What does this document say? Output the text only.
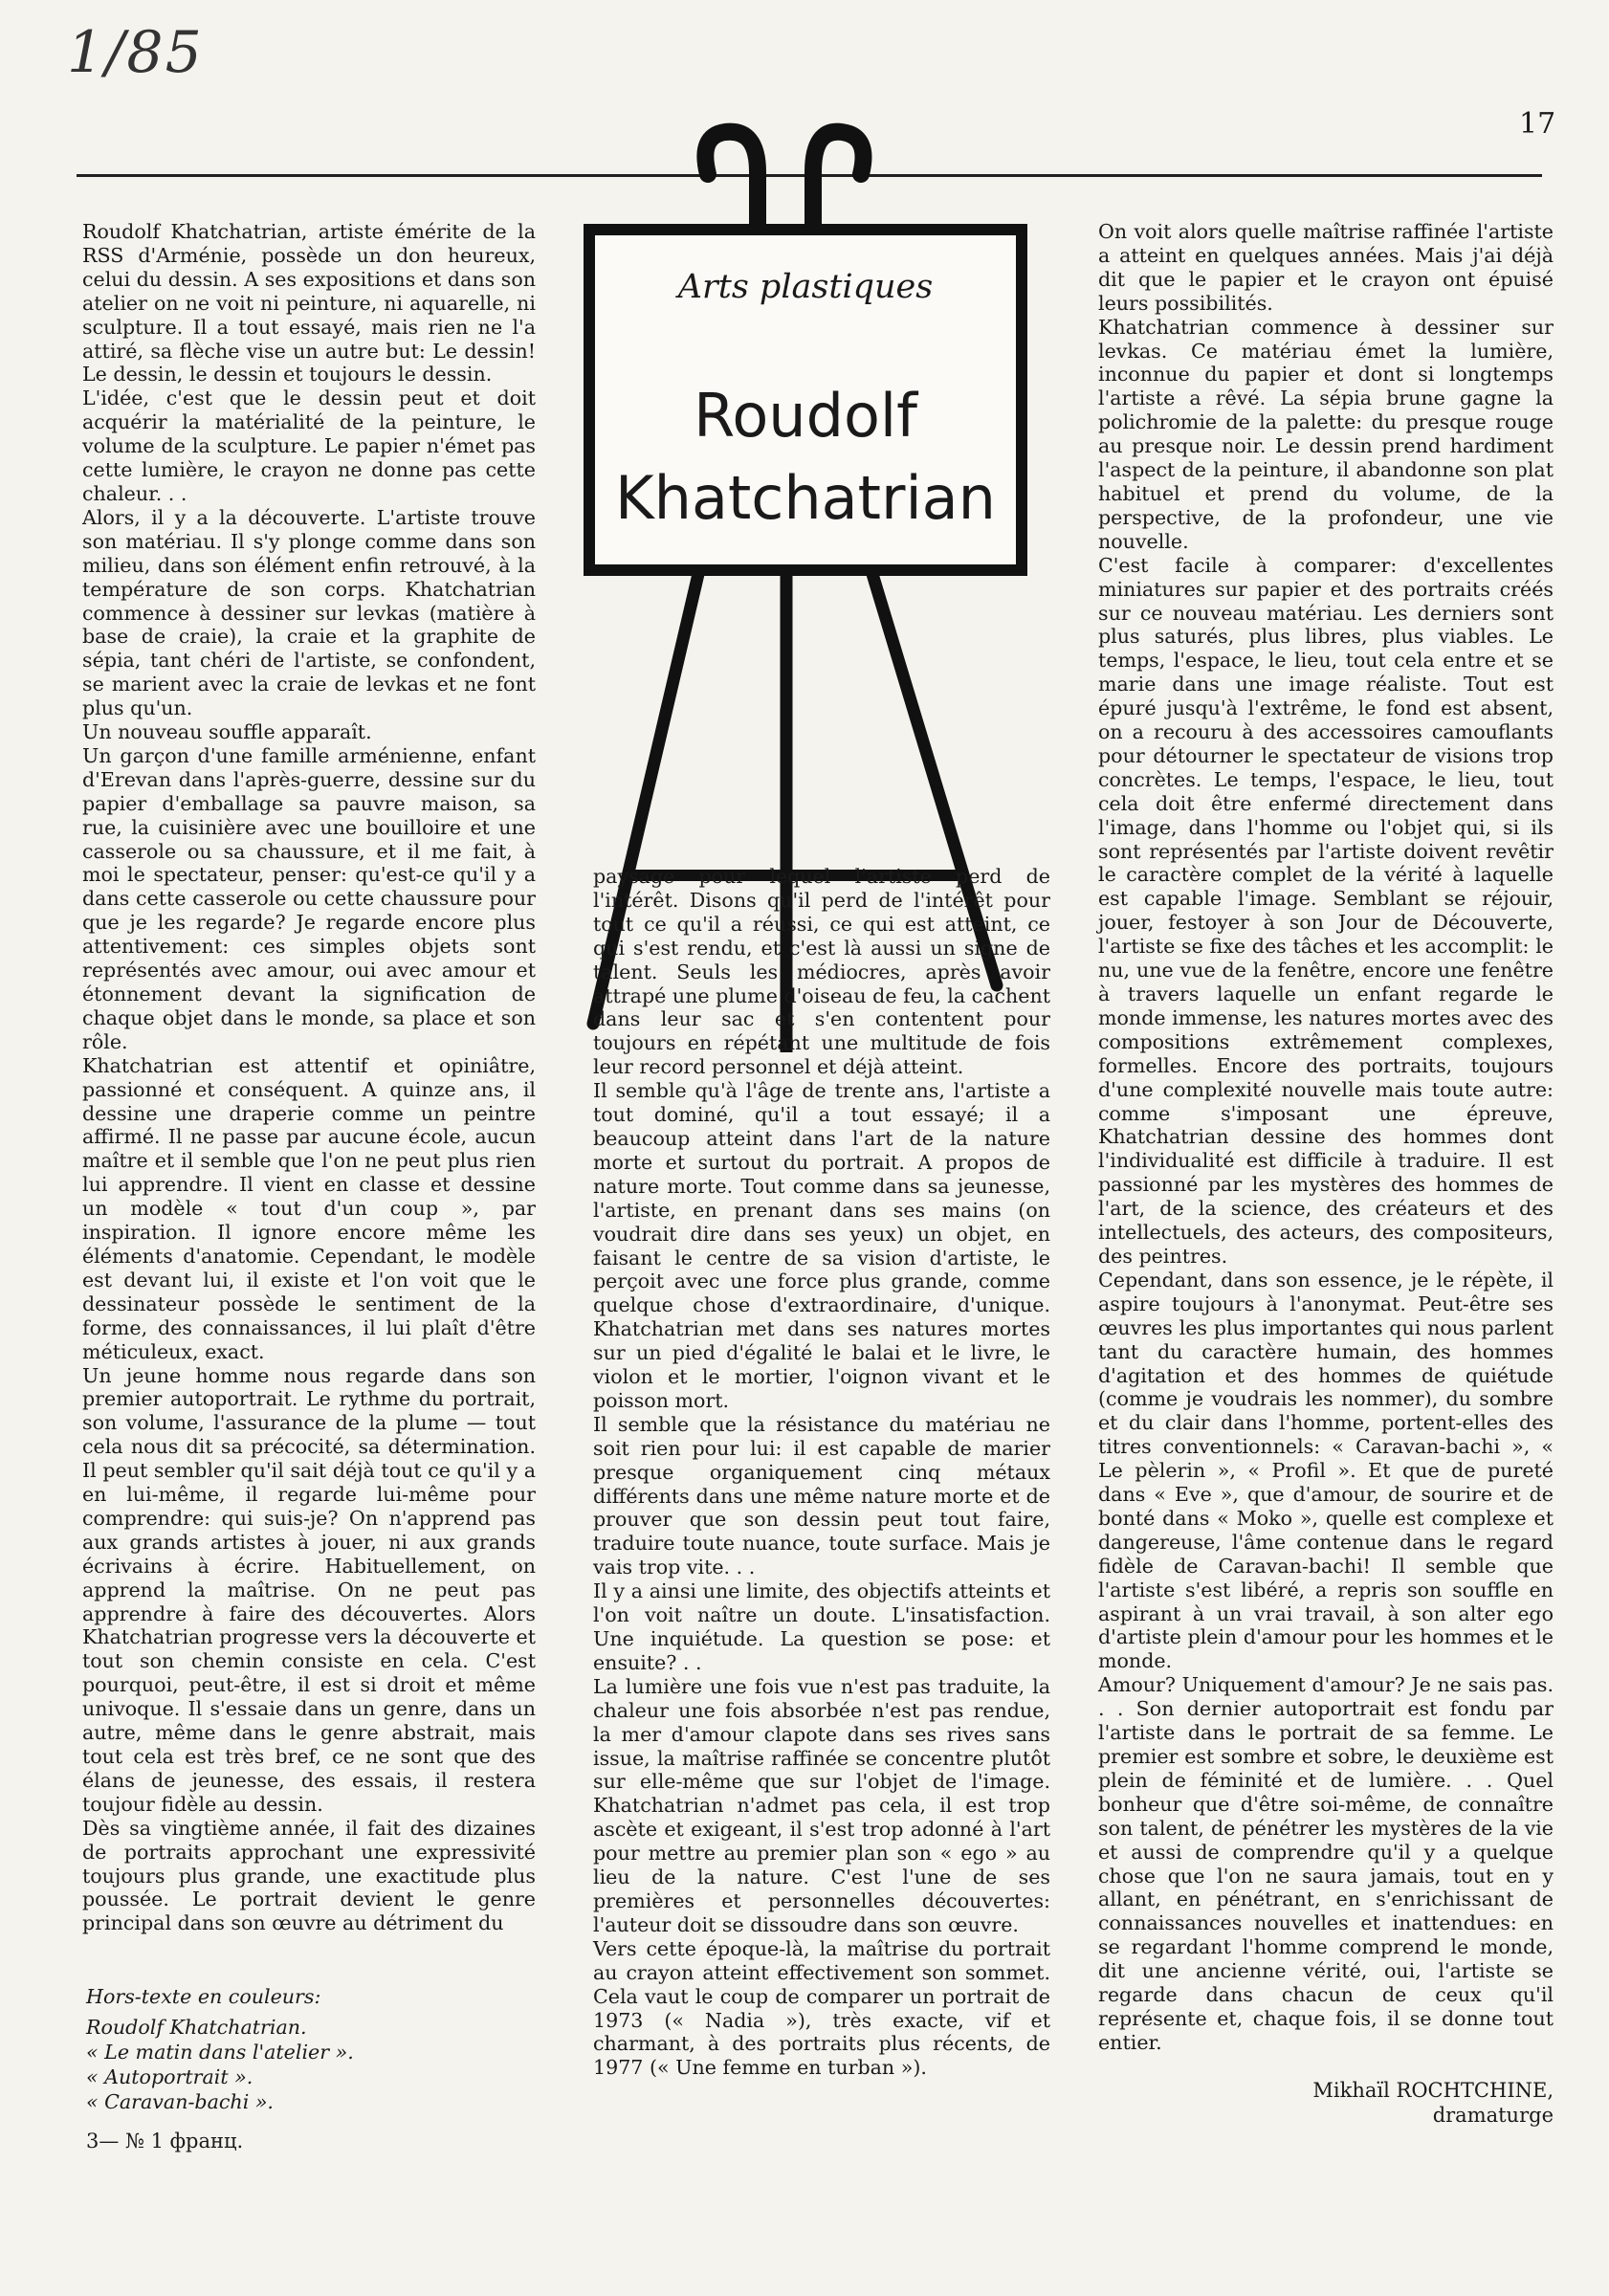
1/85
17
Arts plastiques
Roudolf
Khatchatrian

Roudolf Khatchatrian, artiste émérite de la RSS d'Arménie, possède un don heureux, celui du dessin. A ses expositions et dans son atelier on ne voit ni peinture, ni aquarelle, ni sculpture. Il a tout essayé, mais rien ne l'a attiré, sa flèche vise un autre but: Le dessin! Le dessin, le dessin et toujours le dessin.

L'idée, c'est que le dessin peut et doit acquérir la matérialité de la peinture, le volume de la sculpture. Le papier n'émet pas cette lumière, le crayon ne donne pas cette chaleur. . .

Alors, il y a la découverte. L'artiste trouve son matériau. Il s'y plonge comme dans son milieu, dans son élément enfin retrouvé, à la température de son corps. Khatchatrian commence à dessiner sur levkas (matière à base de craie), la craie et la graphite de sépia, tant chéri de l'artiste, se confondent, se marient avec la craie de levkas et ne font plus qu'un.

Un nouveau souffle apparaît.

Un garçon d'une famille arménienne, enfant d'Erevan dans l'après-guerre, dessine sur du papier d'emballage sa pauvre maison, sa rue, la cuisinière avec une bouilloire et une casserole ou sa chaussure, et il me fait, à moi le spectateur, penser: qu'est-ce qu'il y a dans cette casserole ou cette chaussure pour que je les regarde? Je regarde encore plus attentivement: ces simples objets sont représentés avec amour, oui avec amour et étonnement devant la signification de chaque objet dans le monde, sa place et son rôle.

Khatchatrian est attentif et opiniâtre, passionné et conséquent. A quinze ans, il dessine une draperie comme un peintre affirmé. Il ne passe par aucune école, aucun maître et il semble que l'on ne peut plus rien lui apprendre. Il vient en classe et dessine un modèle « tout d'un coup », par inspiration. Il ignore encore même les éléments d'anatomie. Cependant, le modèle est devant lui, il existe et l'on voit que le dessinateur possède le sentiment de la forme, des connaissances, il lui plaît d'être méticuleux, exact.

Un jeune homme nous regarde dans son premier autoportrait. Le rythme du portrait, son volume, l'assurance de la plume — tout cela nous dit sa précocité, sa détermination. Il peut sembler qu'il sait déjà tout ce qu'il y a en lui-même, il regarde lui-même pour comprendre: qui suis-je? On n'apprend pas aux grands artistes à jouer, ni aux grands écrivains à écrire. Habituellement, on apprend la maîtrise. On ne peut pas apprendre à faire des découvertes. Alors Khatchatrian progresse vers la découverte et tout son chemin consiste en cela. C'est pourquoi, peut-être, il est si droit et même univoque. Il s'essaie dans un genre, dans un autre, même dans le genre abstrait, mais tout cela est très bref, ce ne sont que des élans de jeunesse, des essais, il restera toujour fidèle au dessin.

Dès sa vingtième année, il fait des dizaines de portraits approchant une expressivité toujours plus grande, une exactitude plus poussée. Le portrait devient le genre principal dans son œuvre au détriment du

paysage pour lequel l'artiste perd de l'intérêt. Disons qu'il perd de l'intérêt pour tout ce qu'il a réussi, ce qui est atteint, ce qui s'est rendu, et c'est là aussi un signe de talent. Seuls les médiocres, après avoir attrapé une plume d'oiseau de feu, la cachent dans leur sac et s'en contentent pour toujours en répétant une multitude de fois leur record personnel et déjà atteint.

Il semble qu'à l'âge de trente ans, l'artiste a tout dominé, qu'il a tout essayé; il a beaucoup atteint dans l'art de la nature morte et surtout du portrait. A propos de nature morte. Tout comme dans sa jeunesse, l'artiste, en prenant dans ses mains (on voudrait dire dans ses yeux) un objet, en faisant le centre de sa vision d'artiste, le perçoit avec une force plus grande, comme quelque chose d'extraordinaire, d'unique. Khatchatrian met dans ses natures mortes sur un pied d'égalité le balai et le livre, le violon et le mortier, l'oignon vivant et le poisson mort.

Il semble que la résistance du matériau ne soit rien pour lui: il est capable de marier presque organiquement cinq métaux différents dans une même nature morte et de prouver que son dessin peut tout faire, traduire toute nuance, toute surface. Mais je vais trop vite. . .

Il y a ainsi une limite, des objectifs atteints et l'on voit naître un doute. L'insatisfaction. Une inquiétude. La question se pose: et ensuite? . .

La lumière une fois vue n'est pas traduite, la chaleur une fois absorbée n'est pas rendue, la mer d'amour clapote dans ses rives sans issue, la maîtrise raffinée se concentre plutôt sur elle-même que sur l'objet de l'image. Khatchatrian n'admet pas cela, il est trop ascète et exigeant, il s'est trop adonné à l'art pour mettre au premier plan son « ego » au lieu de la nature. C'est l'une de ses premières et personnelles découvertes: l'auteur doit se dissoudre dans son œuvre.

Vers cette époque-là, la maîtrise du portrait au crayon atteint effectivement son sommet. Cela vaut le coup de comparer un portrait de 1973 (« Nadia »), très exacte, vif et charmant, à des portraits plus récents, de 1977 (« Une femme en turban »).

On voit alors quelle maîtrise raffinée l'artiste a atteint en quelques années. Mais j'ai déjà dit que le papier et le crayon ont épuisé leurs possibilités.

Khatchatrian commence à dessiner sur levkas. Ce matériau émet la lumière, inconnue du papier et dont si longtemps l'artiste a rêvé. La sépia brune gagne la polichromie de la palette: du presque rouge au presque noir. Le dessin prend hardiment l'aspect de la peinture, il abandonne son plat habituel et prend du volume, de la perspective, de la profondeur, une vie nouvelle.

C'est facile à comparer: d'excellentes miniatures sur papier et des portraits créés sur ce nouveau matériau. Les derniers sont plus saturés, plus libres, plus viables. Le temps, l'espace, le lieu, tout cela entre et se marie dans une image réaliste. Tout est épuré jusqu'à l'extrême, le fond est absent, on a recouru à des accessoires camouflants pour détourner le spectateur de visions trop concrètes. Le temps, l'espace, le lieu, tout cela doit être enfermé directement dans l'image, dans l'homme ou l'objet qui, si ils sont représentés par l'artiste doivent revêtir le caractère complet de la vérité à laquelle est capable l'image. Semblant se réjouir, jouer, festoyer à son Jour de Découverte, l'artiste se fixe des tâches et les accomplit: le nu, une vue de la fenêtre, encore une fenêtre à travers laquelle un enfant regarde le monde immense, les natures mortes avec des compositions extrêmement complexes, formelles. Encore des portraits, toujours d'une complexité nouvelle mais toute autre: comme s'imposant une épreuve, Khatchatrian dessine des hommes dont l'individualité est difficile à traduire. Il est passionné par les mystères des hommes de l'art, de la science, des créateurs et des intellectuels, des acteurs, des compositeurs, des peintres.

Cependant, dans son essence, je le répète, il aspire toujours à l'anonymat. Peut-être ses œuvres les plus importantes qui nous parlent tant du caractère humain, des hommes d'agitation et des hommes de quiétude (comme je voudrais les nommer), du sombre et du clair dans l'homme, portent-elles des titres conventionnels: « Caravan-bachi », « Le pèlerin », « Profil ». Et que de pureté dans « Eve », que d'amour, de sourire et de bonté dans « Moko », quelle est complexe et dangereuse, l'âme contenue dans le regard fidèle de Caravan-bachi! Il semble que l'artiste s'est libéré, a repris son souffle en aspirant à un vrai travail, à son alter ego d'artiste plein d'amour pour les hommes et le monde.

Amour? Uniquement d'amour? Je ne sais pas. . . Son dernier autoportrait est fondu par l'artiste dans le portrait de sa femme. Le premier est sombre et sobre, le deuxième est plein de féminité et de lumière. . . Quel bonheur que d'être soi-même, de connaître son talent, de pénétrer les mystères de la vie et aussi de comprendre qu'il y a quelque chose que l'on ne saura jamais, tout en y allant, en pénétrant, en s'enrichissant de connaissances nouvelles et inattendues: en se regardant l'homme comprend le monde, dit une ancienne vérité, oui, l'artiste se regarde dans chacun de ceux qu'il représente et, chaque fois, il se donne tout entier.

Mikhaïl ROCHTCHINE,
dramaturge
Hors-texte en couleurs:
Roudolf Khatchatrian.
« Le matin dans l'atelier ».
« Autoportrait ».
« Caravan-bachi ».
3— № 1 франц.
